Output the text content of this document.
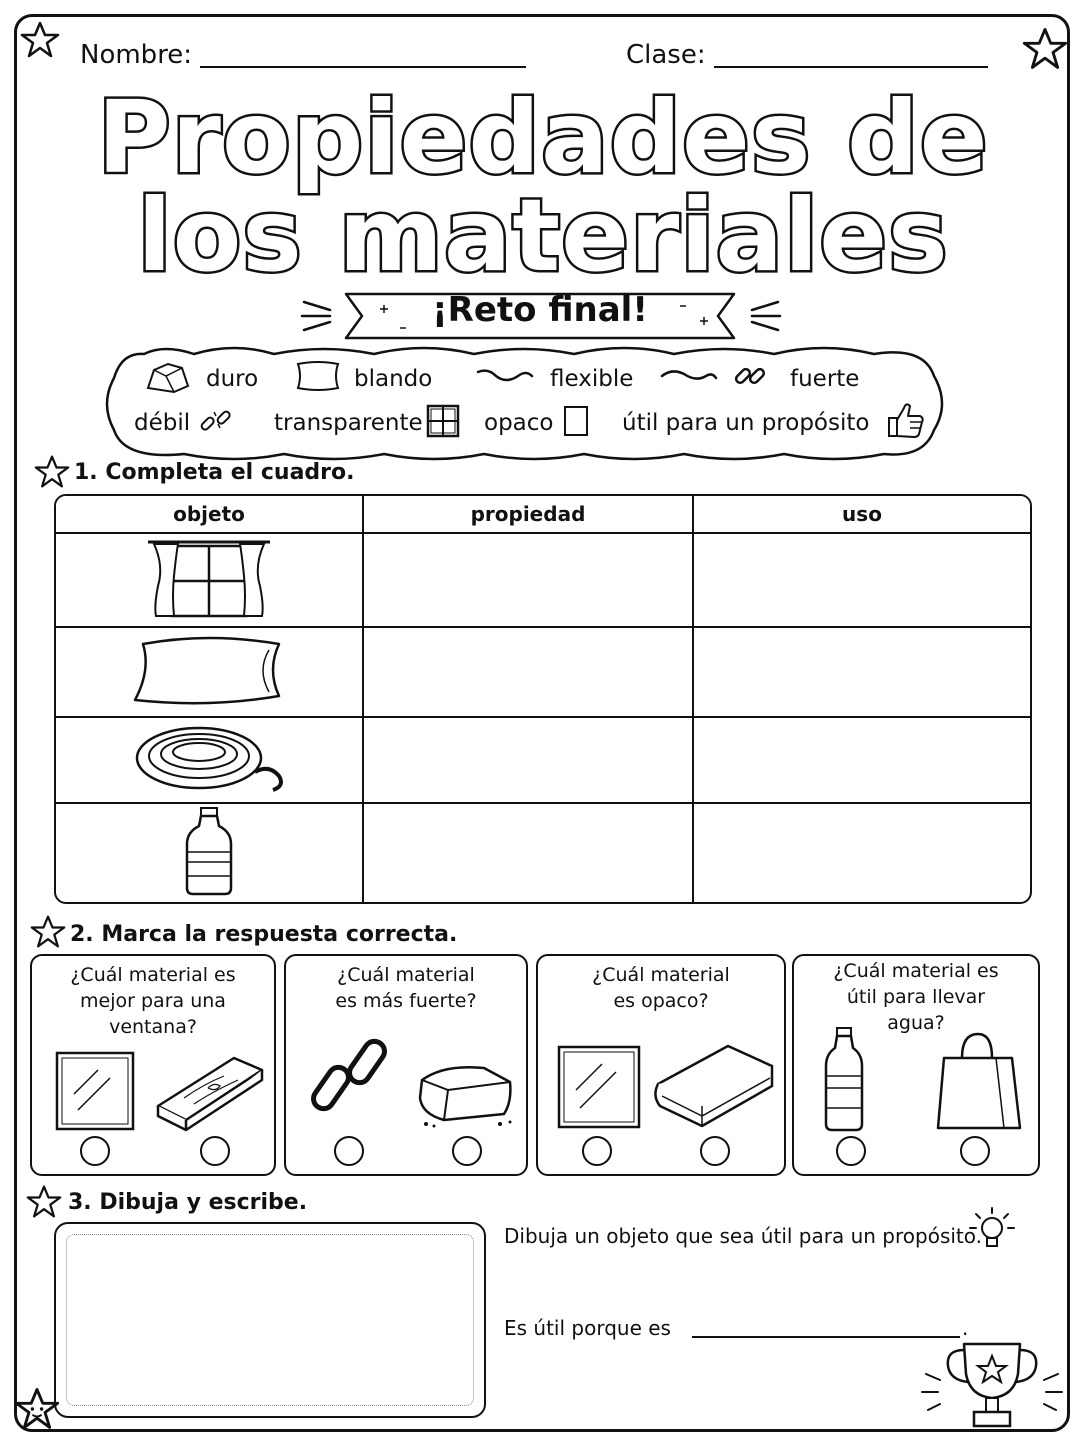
Nombre:	Clase:
Propiedades de
los materiales
¡Reto final!
duro	blando	flexible	fuerte
débil	transparente	opaco	útil para un propósito
1. Completa el cuadro.
objeto	propiedad	uso

2. Marca la respuesta correcta.
¿Cuál material es
mejor para una
ventana?
¿Cuál material
es más fuerte?
¿Cuál material
es opaco?
¿Cuál material es
útil para llevar
agua?
3. Dibuja y escribe.
Dibuja un objeto que sea útil para un propósito.
Es útil porque es	.
